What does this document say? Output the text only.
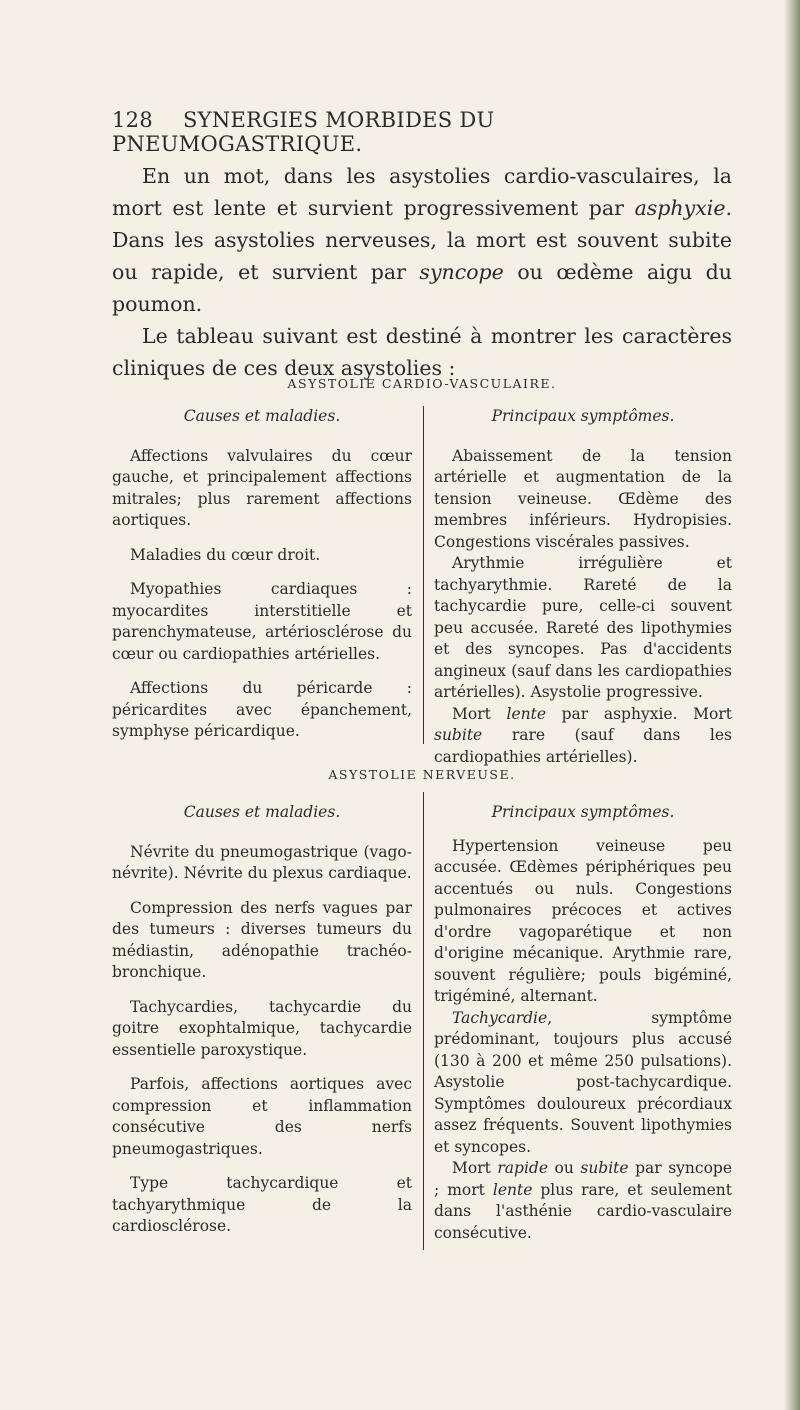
128 SYNERGIES MORBIDES DU PNEUMOGASTRIQUE.

En un mot, dans les asystolies cardio-vasculaires, la mort est lente et survient progressivement par asphyxie. Dans les asystolies nerveuses, la mort est souvent subite ou rapide, et survient par syncope ou œdème aigu du poumon.

Le tableau suivant est destiné à montrer les caractères cliniques de ces deux asystolies :

ASYSTOLIE CARDIO-VASCULAIRE.
Causes et maladies.

Affections valvulaires du cœur gauche, et principalement affections mitrales; plus rarement affections aortiques.

Maladies du cœur droit.

Myopathies cardiaques : myocardites interstitielle et parenchymateuse, artériosclérose du cœur ou cardiopathies artérielles.

Affections du péricarde : péricardites avec épanchement, symphyse péricardique.

Principaux symptômes.

Abaissement de la tension artérielle et augmentation de la tension veineuse. Œdème des membres inférieurs. Hydropisies. Congestions viscérales passives.

Arythmie irrégulière et tachyarythmie. Rareté de la tachycardie pure, celle-ci souvent peu accusée. Rareté des lipothymies et des syncopes. Pas d'accidents angineux (sauf dans les cardiopathies artérielles). Asystolie progressive.

Mort lente par asphyxie. Mort subite rare (sauf dans les cardiopathies artérielles).

ASYSTOLIE NERVEUSE.
Causes et maladies.

Névrite du pneumogastrique (vago-névrite). Névrite du plexus cardiaque.

Compression des nerfs vagues par des tumeurs : diverses tumeurs du médiastin, adénopathie trachéo-bronchique.

Tachycardies, tachycardie du goitre exophtalmique, tachycardie essentielle paroxystique.

Parfois, affections aortiques avec compression et inflammation consécutive des nerfs pneumogastriques.

Type tachycardique et tachyarythmique de la cardiosclérose.

Principaux symptômes.

Hypertension veineuse peu accusée. Œdèmes périphériques peu accentués ou nuls. Congestions pulmonaires précoces et actives d'ordre vagoparétique et non d'origine mécanique. Arythmie rare, souvent régulière; pouls bigéminé, trigéminé, alternant.

Tachycardie, symptôme prédominant, toujours plus accusé (130 à 200 et même 250 pulsations). Asystolie post-tachycardique. Symptômes douloureux précordiaux assez fréquents. Souvent lipothymies et syncopes.

Mort rapide ou subite par syncope ; mort lente plus rare, et seulement dans l'asthénie cardio-vasculaire consécutive.
